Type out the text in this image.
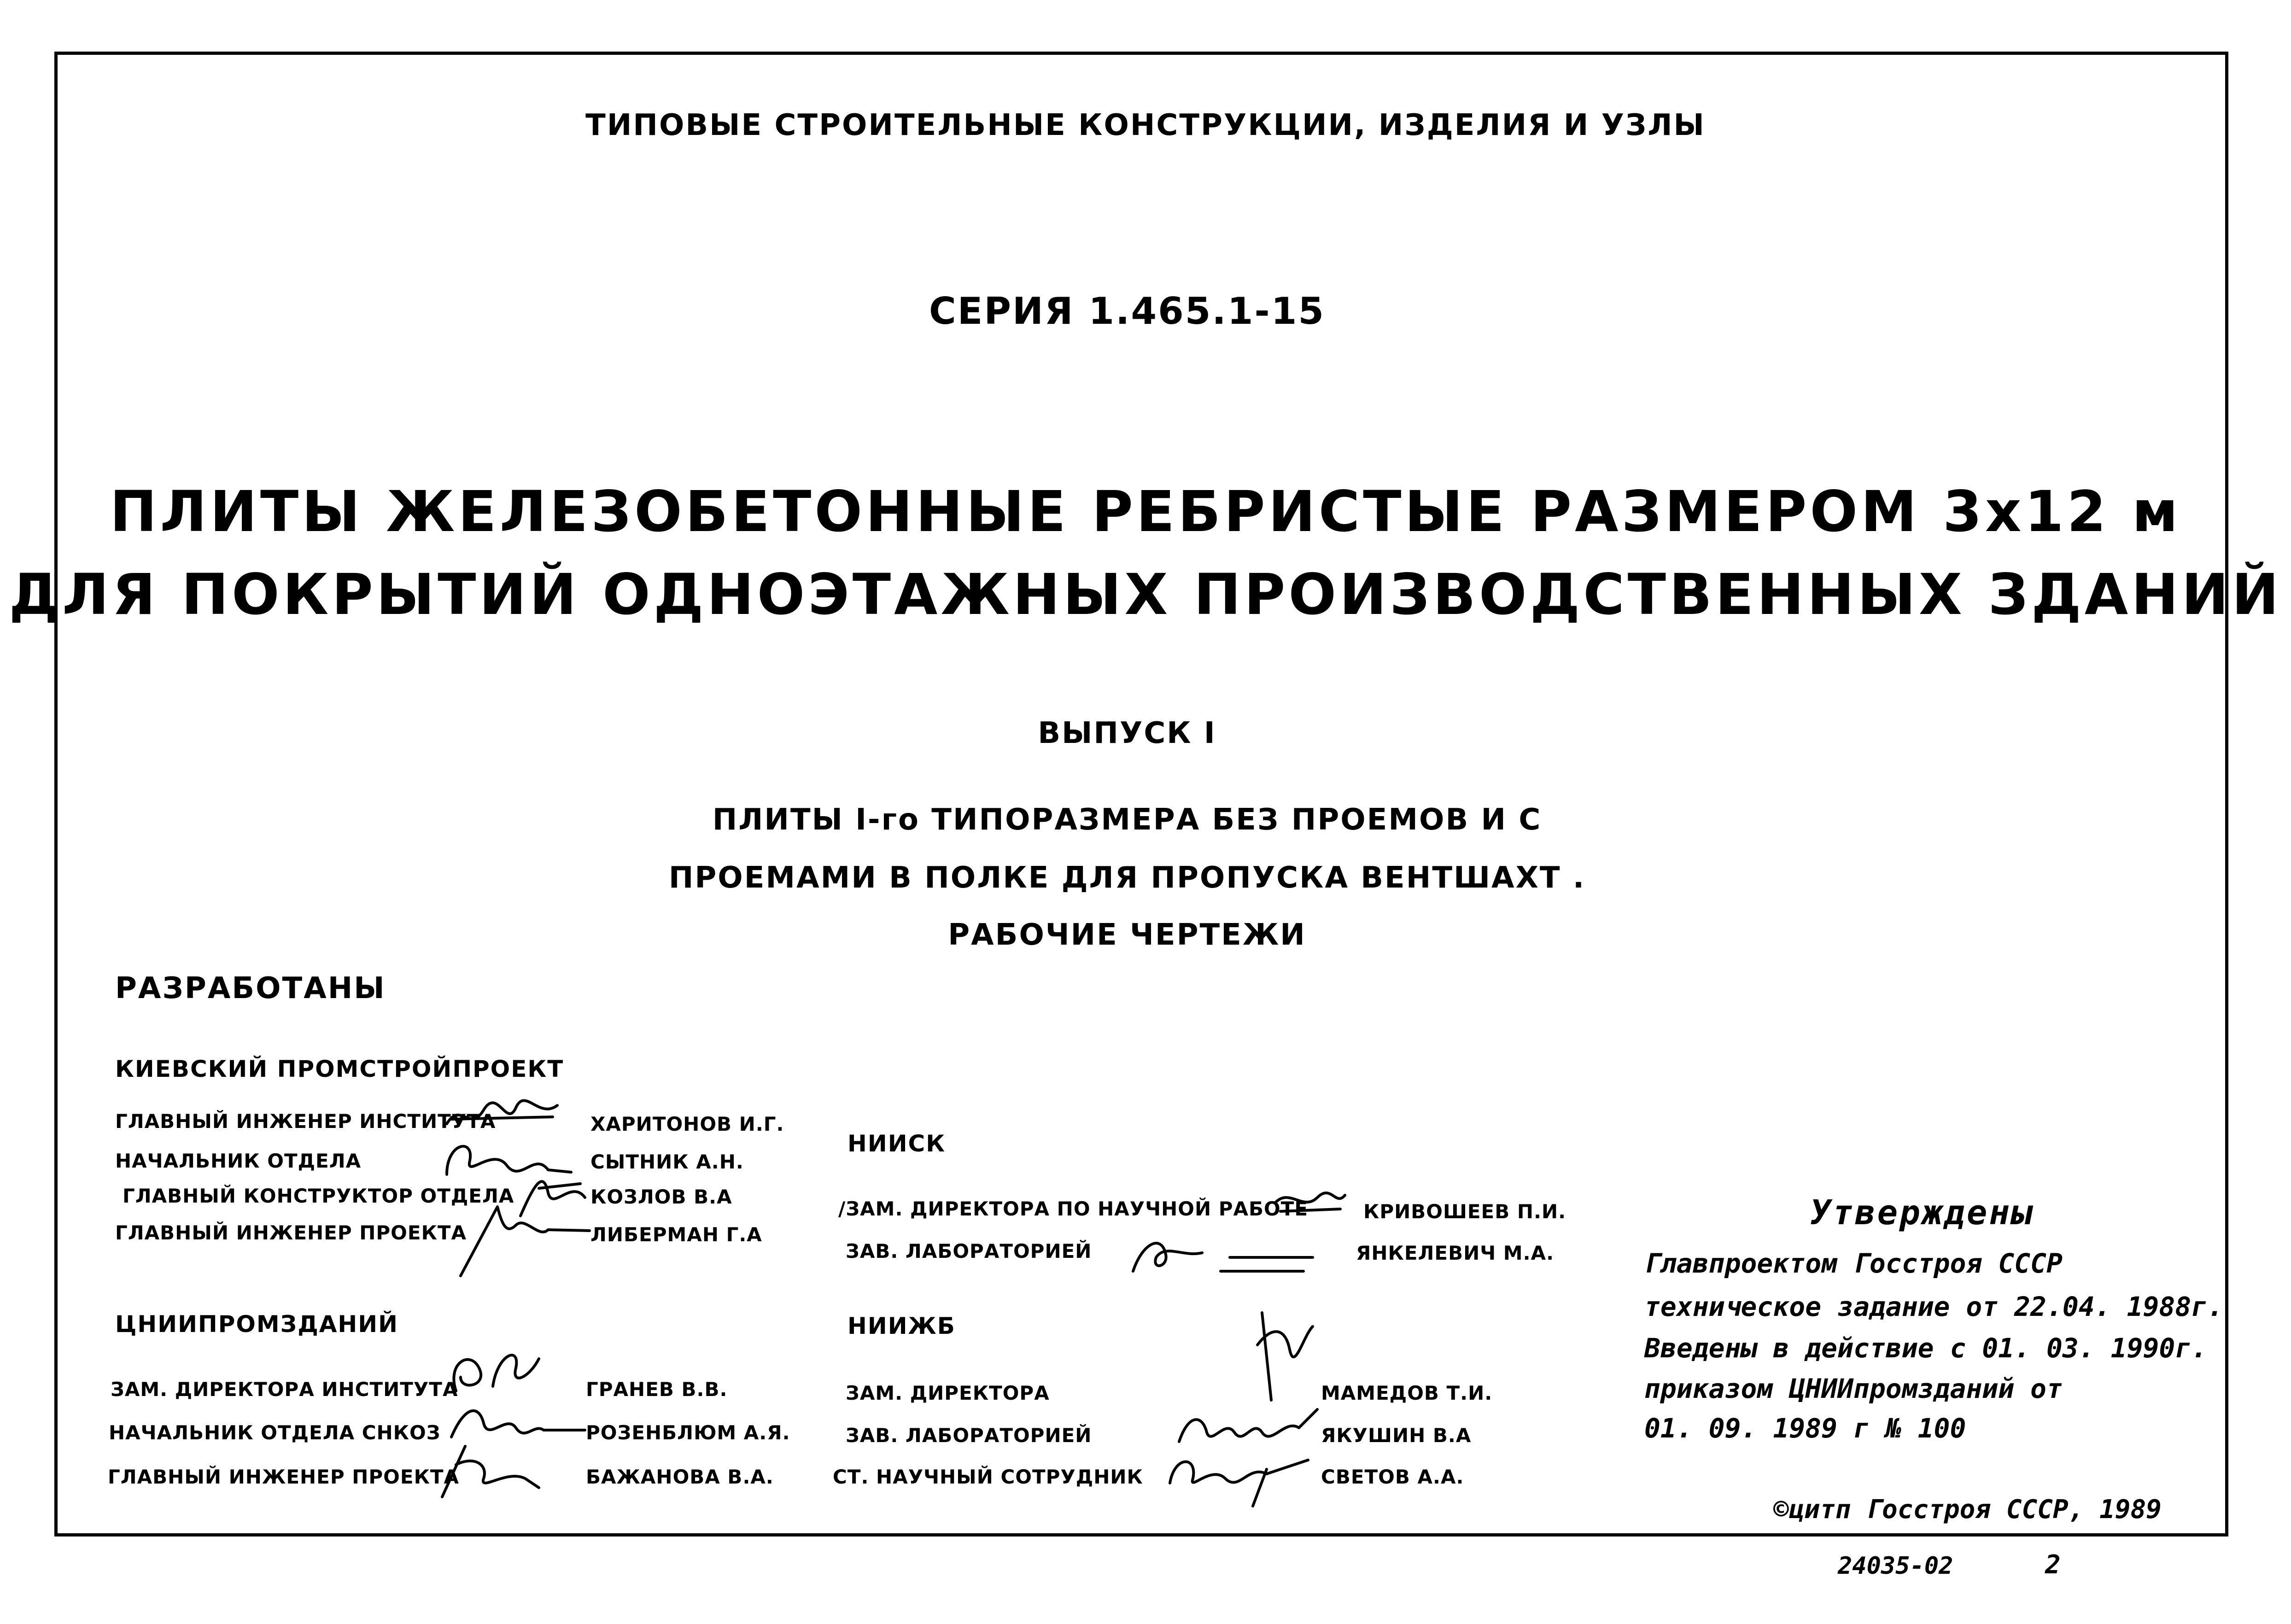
ТИПОВЫЕ СТРОИТЕЛЬНЫЕ КОНСТРУКЦИИ, ИЗДЕЛИЯ И УЗЛЫ
СЕРИЯ 1.465.1-15
ПЛИТЫ ЖЕЛЕЗОБЕТОННЫЕ РЕБРИСТЫЕ РАЗМЕРОМ 3х12 м
ДЛЯ ПОКРЫТИЙ ОДНОЭТАЖНЫХ ПРОИЗВОДСТВЕННЫХ ЗДАНИЙ
ВЫПУСК I
ПЛИТЫ I-го ТИПОРАЗМЕРА БЕЗ ПРОЕМОВ И С
ПРОЕМАМИ В ПОЛКЕ ДЛЯ ПРОПУСКА ВЕНТШАХТ .
РАБОЧИЕ ЧЕРТЕЖИ
РАЗРАБОТАНЫ
КИЕВСКИЙ ПРОМСТРОЙПРОЕКТ
ГЛАВНЫЙ ИНЖЕНЕР ИНСТИТУТА	ХАРИТОНОВ И.Г.
НАЧАЛЬНИК ОТДЕЛА	СЫТНИК А.Н.
ГЛАВНЫЙ КОНСТРУКТОР ОТДЕЛА	КОЗЛОВ В.А
ГЛАВНЫЙ ИНЖЕНЕР ПРОЕКТА	ЛИБЕРМАН Г.А
ЦНИИПРОМЗДАНИЙ
ЗАМ. ДИРЕКТОРА ИНСТИТУТА	ГРАНЕВ В.В.
НАЧАЛЬНИК ОТДЕЛА СНКОЗ	РОЗЕНБЛЮМ А.Я.
ГЛАВНЫЙ ИНЖЕНЕР ПРОЕКТА	БАЖАНОВА В.А.
НИИСК
/ЗАМ. ДИРЕКТОРА ПО НАУЧНОЙ РАБОТЕ	КРИВОШЕЕВ П.И.
ЗАВ. ЛАБОРАТОРИЕЙ	ЯНКЕЛЕВИЧ М.А.
НИИЖБ
ЗАМ. ДИРЕКТОРА	МАМЕДОВ Т.И.
ЗАВ. ЛАБОРАТОРИЕЙ	ЯКУШИН В.А
СТ. НАУЧНЫЙ СОТРУДНИК	СВЕТОВ А.А.
Утверждены
Главпроектом Госстроя СССР
техническое задание от 22.04. 1988г.
Введены в действие с 01. 03. 1990г.
приказом ЦНИИпромзданий от
01. 09. 1989 г № 100
©цитп Госстроя СССР, 1989
24035-02	2
